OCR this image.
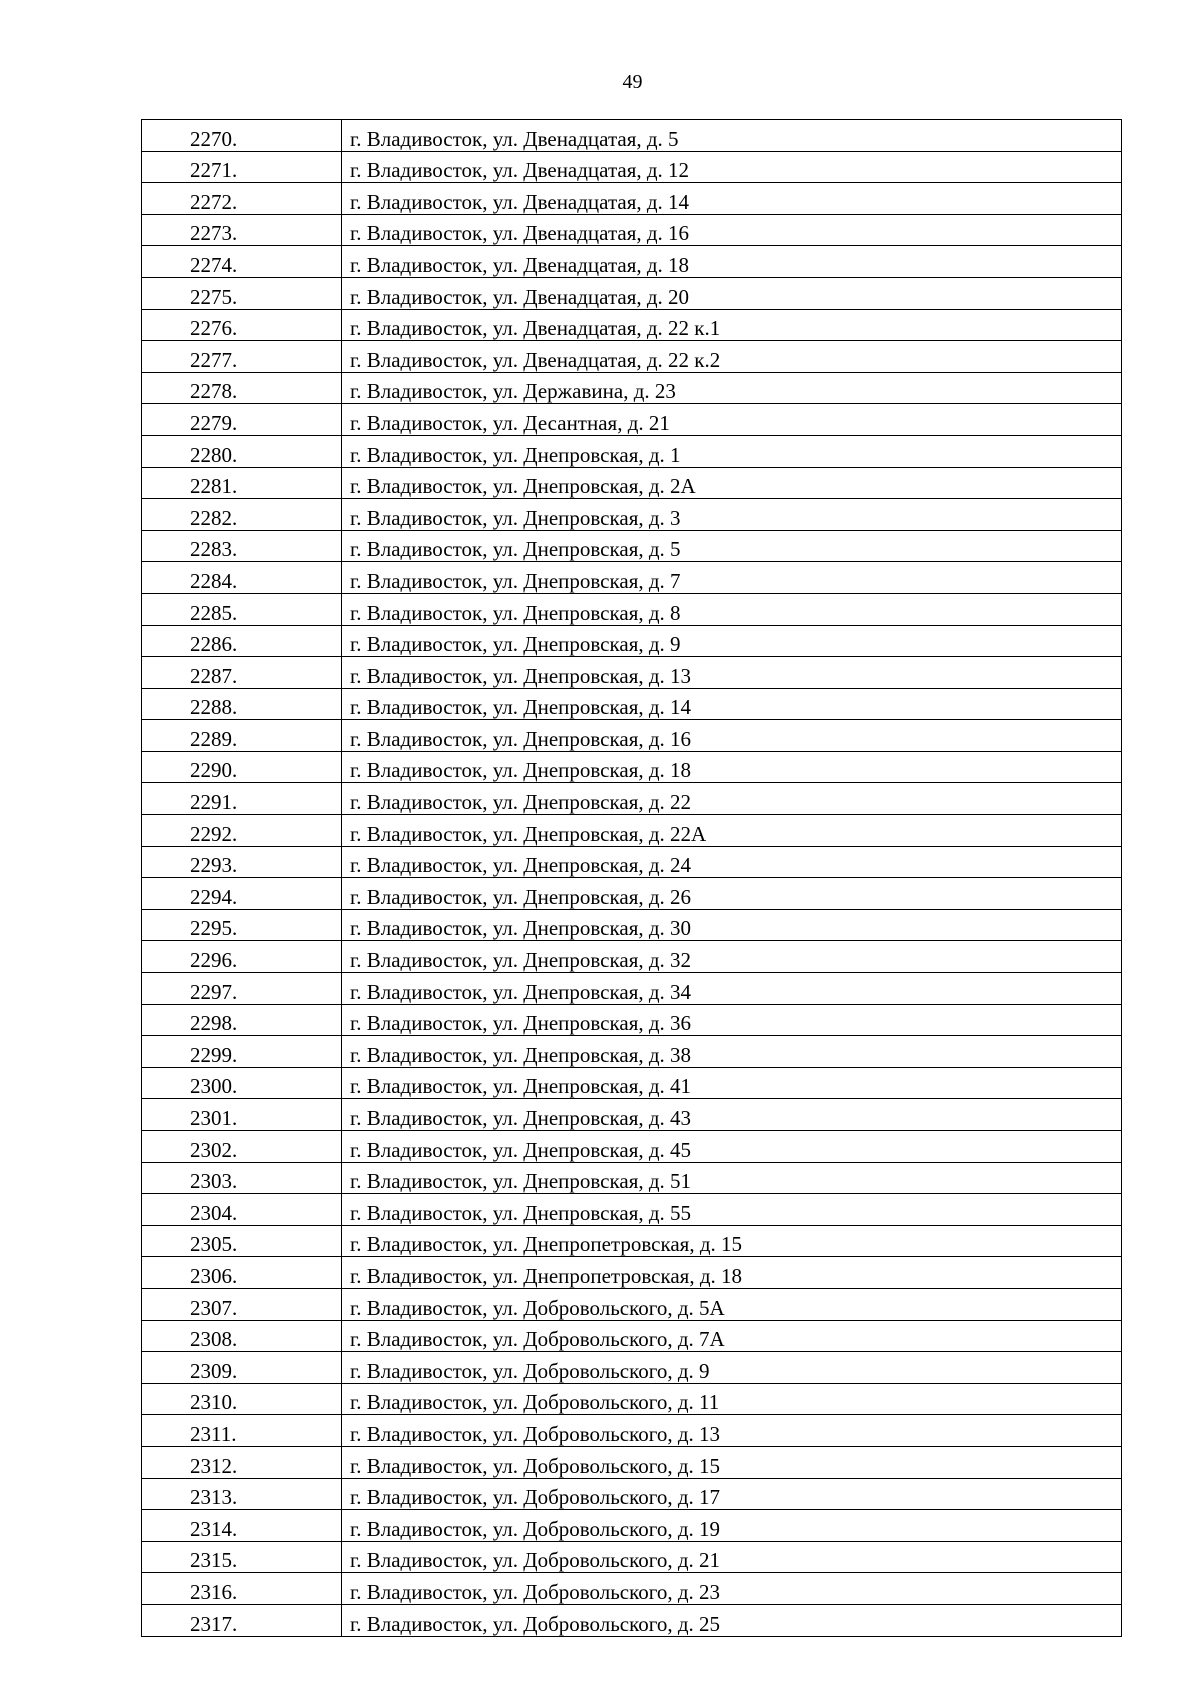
49
2270.	г. Владивосток, ул. Двенадцатая, д. 5
2271.	г. Владивосток, ул. Двенадцатая, д. 12
2272.	г. Владивосток, ул. Двенадцатая, д. 14
2273.	г. Владивосток, ул. Двенадцатая, д. 16
2274.	г. Владивосток, ул. Двенадцатая, д. 18
2275.	г. Владивосток, ул. Двенадцатая, д. 20
2276.	г. Владивосток, ул. Двенадцатая, д. 22 к.1
2277.	г. Владивосток, ул. Двенадцатая, д. 22 к.2
2278.	г. Владивосток, ул. Державина, д. 23
2279.	г. Владивосток, ул. Десантная, д. 21
2280.	г. Владивосток, ул. Днепровская, д. 1
2281.	г. Владивосток, ул. Днепровская, д. 2А
2282.	г. Владивосток, ул. Днепровская, д. 3
2283.	г. Владивосток, ул. Днепровская, д. 5
2284.	г. Владивосток, ул. Днепровская, д. 7
2285.	г. Владивосток, ул. Днепровская, д. 8
2286.	г. Владивосток, ул. Днепровская, д. 9
2287.	г. Владивосток, ул. Днепровская, д. 13
2288.	г. Владивосток, ул. Днепровская, д. 14
2289.	г. Владивосток, ул. Днепровская, д. 16
2290.	г. Владивосток, ул. Днепровская, д. 18
2291.	г. Владивосток, ул. Днепровская, д. 22
2292.	г. Владивосток, ул. Днепровская, д. 22А
2293.	г. Владивосток, ул. Днепровская, д. 24
2294.	г. Владивосток, ул. Днепровская, д. 26
2295.	г. Владивосток, ул. Днепровская, д. 30
2296.	г. Владивосток, ул. Днепровская, д. 32
2297.	г. Владивосток, ул. Днепровская, д. 34
2298.	г. Владивосток, ул. Днепровская, д. 36
2299.	г. Владивосток, ул. Днепровская, д. 38
2300.	г. Владивосток, ул. Днепровская, д. 41
2301.	г. Владивосток, ул. Днепровская, д. 43
2302.	г. Владивосток, ул. Днепровская, д. 45
2303.	г. Владивосток, ул. Днепровская, д. 51
2304.	г. Владивосток, ул. Днепровская, д. 55
2305.	г. Владивосток, ул. Днепропетровская, д. 15
2306.	г. Владивосток, ул. Днепропетровская, д. 18
2307.	г. Владивосток, ул. Добровольского, д. 5А
2308.	г. Владивосток, ул. Добровольского, д. 7А
2309.	г. Владивосток, ул. Добровольского, д. 9
2310.	г. Владивосток, ул. Добровольского, д. 11
2311.	г. Владивосток, ул. Добровольского, д. 13
2312.	г. Владивосток, ул. Добровольского, д. 15
2313.	г. Владивосток, ул. Добровольского, д. 17
2314.	г. Владивосток, ул. Добровольского, д. 19
2315.	г. Владивосток, ул. Добровольского, д. 21
2316.	г. Владивосток, ул. Добровольского, д. 23
2317.	г. Владивосток, ул. Добровольского, д. 25
